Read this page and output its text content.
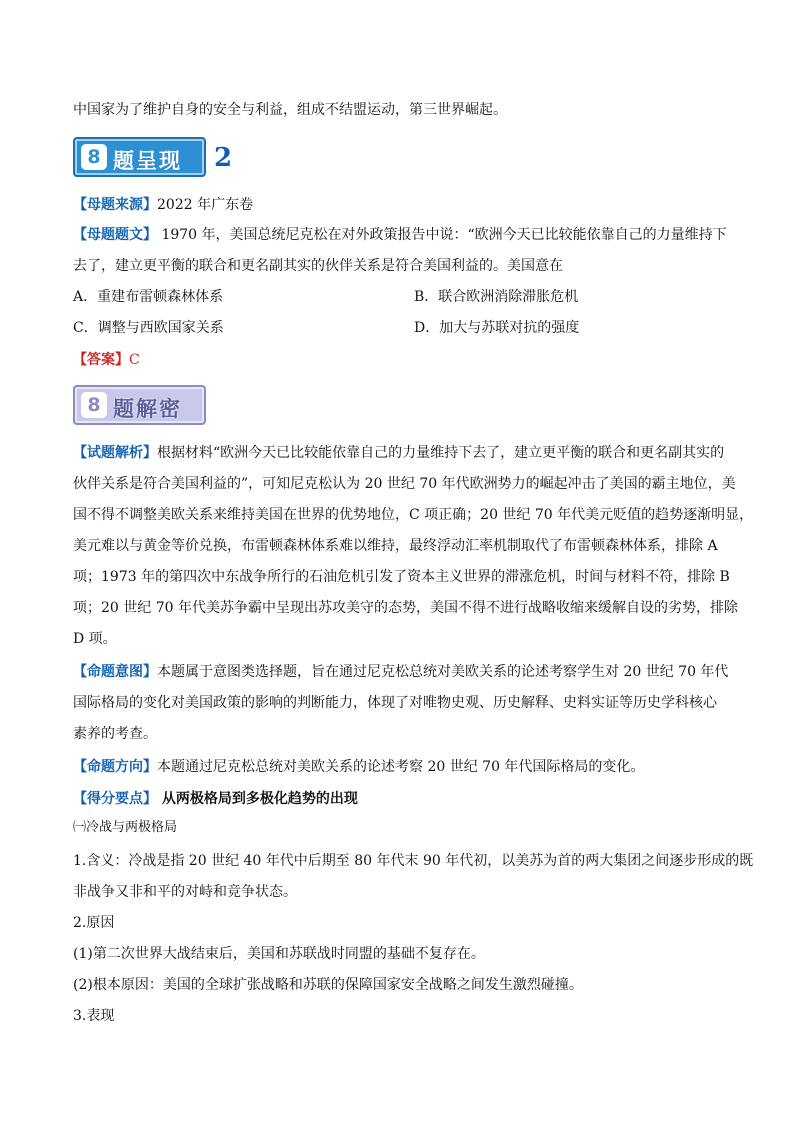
中国家为了维护自身的安全与利益，组成不结盟运动，第三世界崛起。
8 题呈现 2
【母题来源】2022 年广东卷
【母题题文】 1970 年，美国总统尼克松在对外政策报告中说：“欧洲今天已比较能依靠自己的力量维持下
去了，建立更平衡的联合和更名副其实的伙伴关系是符合美国利益的。美国意在
A．重建布雷顿森林体系	B．联合欧洲消除滞胀危机
C．调整与西欧国家关系	D．加大与苏联对抗的强度
【答案】C
8 题解密
【试题解析】根据材料“欧洲今天已比较能依靠自己的力量维持下去了，建立更平衡的联合和更名副其实的
伙伴关系是符合美国利益的”，可知尼克松认为 20 世纪 70 年代欧洲势力的崛起冲击了美国的霸主地位，美
国不得不调整美欧关系来维持美国在世界的优势地位，C 项正确；20 世纪 70 年代美元贬值的趋势逐渐明显，
美元难以与黄金等价兑换，布雷顿森林体系难以维持，最终浮动汇率机制取代了布雷顿森林体系，排除 A
项；1973 年的第四次中东战争所行的石油危机引发了资本主义世界的滞涨危机，时间与材料不符，排除 B
项；20 世纪 70 年代美苏争霸中呈现出苏攻美守的态势，美国不得不进行战略收缩来缓解自设的劣势，排除
D 项。
【命题意图】本题属于意图类选择题，旨在通过尼克松总统对美欧关系的论述考察学生对 20 世纪 70 年代
国际格局的变化对美国政策的影响的判断能力，体现了对唯物史观、历史解释、史料实证等历史学科核心
素养的考查。
【命题方向】本题通过尼克松总统对美欧关系的论述考察 20 世纪 70 年代国际格局的变化。
【得分要点】 从两极格局到多极化趋势的出现
㈠冷战与两极格局
1.含义：冷战是指 20 世纪 40 年代中后期至 80 年代末 90 年代初，以美苏为首的两大集团之间逐步形成的既
非战争又非和平的对峙和竞争状态。
2.原因
(1)第二次世界大战结束后，美国和苏联战时同盟的基础不复存在。
(2)根本原因：美国的全球扩张战略和苏联的保障国家安全战略之间发生激烈碰撞。
3.表现
